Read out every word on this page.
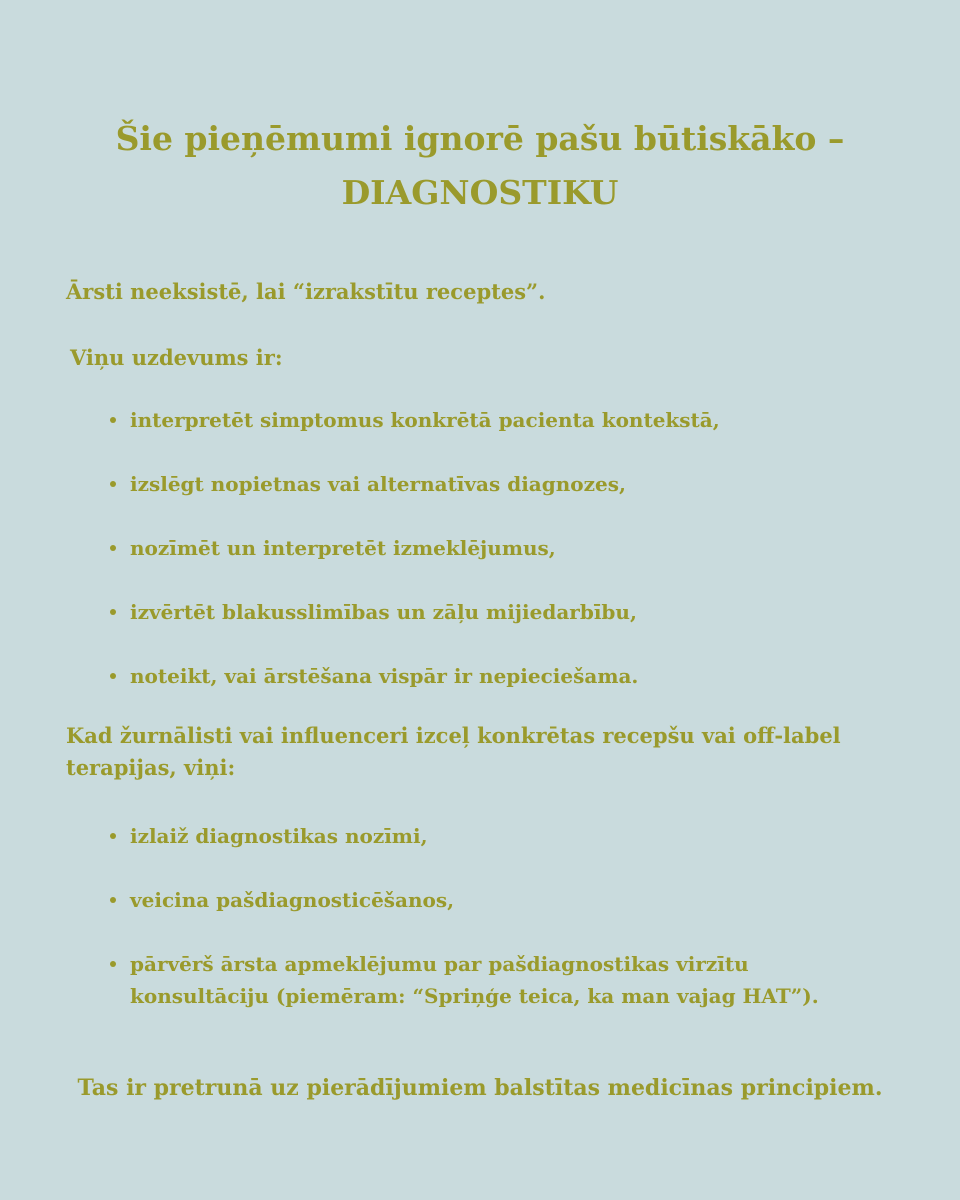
Šie pieņēmumi ignorē pašu būtiskāko –
DIAGNOSTIKU
Ārsti neeksistē, lai “izrakstītu receptes”.
Viņu uzdevums ir:
interpretēt simptomus konkrētā pacienta kontekstā,
izslēgt nopietnas vai alternatīvas diagnozes,
nozīmēt un interpretēt izmeklējumus,
izvērtēt blakusslimības un zāļu mijiedarbību,
noteikt, vai ārstēšana vispār ir nepieciešama.
Kad žurnālisti vai influenceri izceļ konkrētas recepšu vai off-label terapijas, viņi:
izlaiž diagnostikas nozīmi,
veicina pašdiagnosticēšanos,
pārvērš ārsta apmeklējumu par pašdiagnostikas virzītu konsultāciju (piemēram: “Spriņģe teica, ka man vajag HAT”).
Tas ir pretrunā uz pierādījumiem balstītas medicīnas principiem.
